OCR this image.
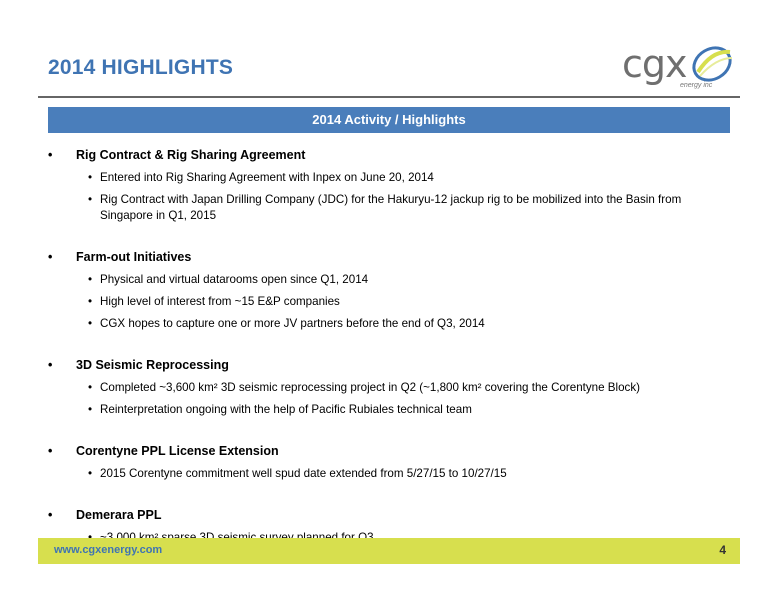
2014 HIGHLIGHTS	cgx
energy inc
2014 Activity / Highlights
• Rig Contract & Rig Sharing Agreement
• Entered into Rig Sharing Agreement with Inpex on June 20, 2014
• Rig Contract with Japan Drilling Company (JDC) for the Hakuryu-12 jackup rig to be mobilized into the Basin from Singapore in Q1, 2015
• Farm-out Initiatives
• Physical and virtual datarooms open since Q1, 2014
• High level of interest from ~15 E&P companies
• CGX hopes to capture one or more JV partners before the end of Q3, 2014
• 3D Seismic Reprocessing
• Completed ~3,600 km² 3D seismic reprocessing project in Q2 (~1,800 km² covering the Corentyne Block)
• Reinterpretation ongoing with the help of Pacific Rubiales technical team
• Corentyne PPL License Extension
• 2015 Corentyne commitment well spud date extended from 5/27/15 to 10/27/15
• Demerara PPL
www.cgxenergy.com	4
